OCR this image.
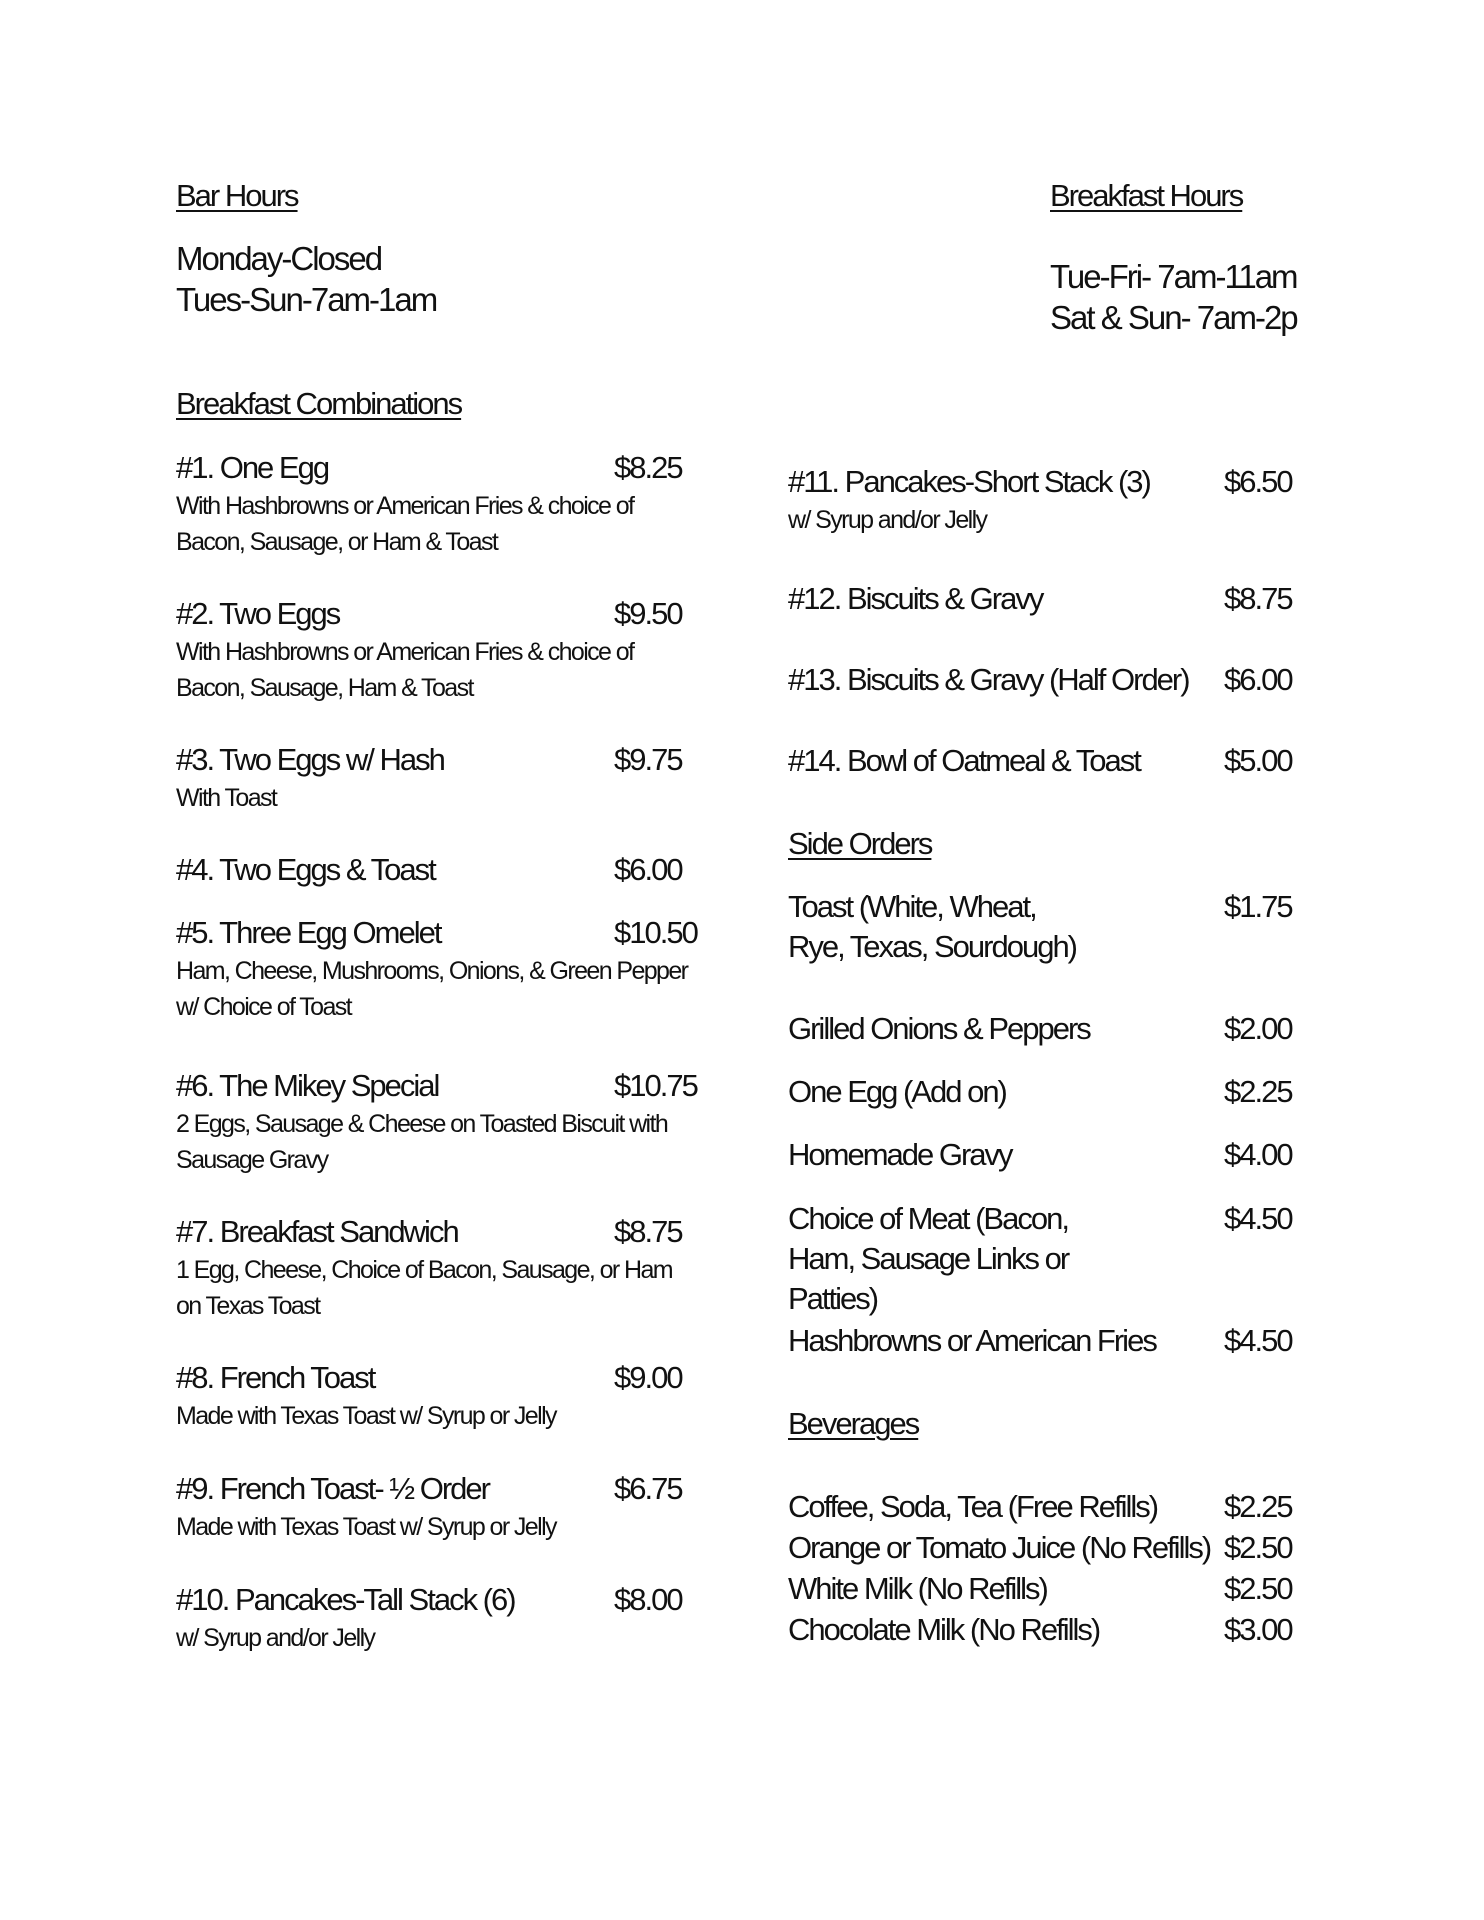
Bar Hours
Monday-Closed
Tues-Sun-7am-1am
Breakfast Hours
Tue-Fri- 7am-11am
Sat & Sun- 7am-2p
Breakfast Combinations
#1. One Egg	$8.25
With Hashbrowns or American Fries & choice of Bacon, Sausage, or Ham & Toast
#2. Two Eggs	$9.50
With Hashbrowns or American Fries & choice of Bacon, Sausage, Ham & Toast
#3. Two Eggs w/ Hash	$9.75
With Toast
#4. Two Eggs & Toast	$6.00
#5. Three Egg Omelet	$10.50
Ham, Cheese, Mushrooms, Onions, & Green Pepper w/ Choice of Toast
#6. The Mikey Special	$10.75
2 Eggs, Sausage & Cheese on Toasted Biscuit with Sausage Gravy
#7. Breakfast Sandwich	$8.75
1 Egg, Cheese, Choice of Bacon, Sausage, or Ham on Texas Toast
#8. French Toast	$9.00
Made with Texas Toast w/ Syrup or Jelly
#9. French Toast- ½ Order	$6.75
Made with Texas Toast w/ Syrup or Jelly
#10. Pancakes-Tall Stack (6)	$8.00
w/ Syrup and/or Jelly
#11. Pancakes-Short Stack (3) $6.50
w/ Syrup and/or Jelly
#12. Biscuits & Gravy	$8.75
#13. Biscuits & Gravy (Half Order) $6.00
#14. Bowl of Oatmeal & Toast	$5.00
Side Orders
Toast (White, Wheat, Rye, Texas, Sourdough)
$1.75
Grilled Onions & Peppers	$2.00
One Egg (Add on)	$2.25
Homemade Gravy	$4.00
Choice of Meat (Bacon, Ham, Sausage Links or Patties)
$4.50
Hashbrowns or American Fries $4.50
Beverages
Coffee, Soda, Tea (Free Refills) $2.25
Orange or Tomato Juice (No Refills) $2.50
White Milk (No Refills)	$2.50
Chocolate Milk (No Refills)	$3.00
